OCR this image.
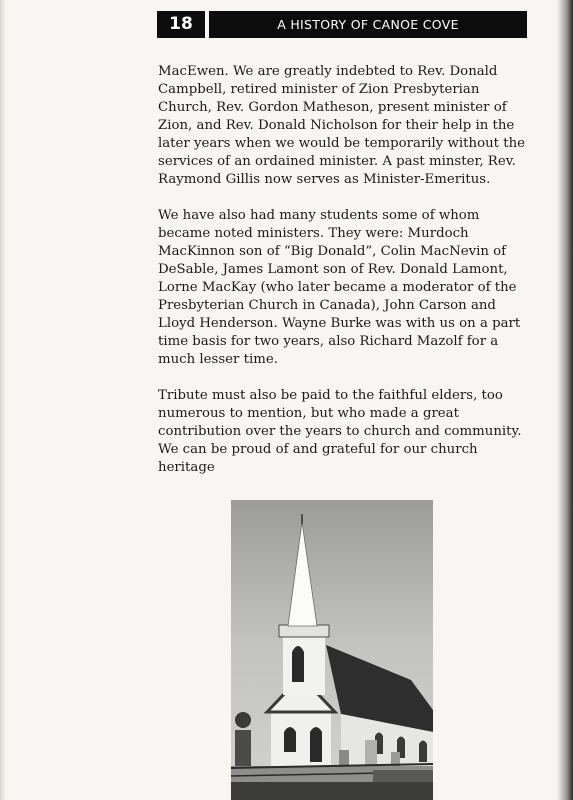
18	A HISTORY OF CANOE COVE

MacEwen. We are greatly indebted to Rev. Donald Campbell, retired minister of Zion Presbyterian Church, Rev. Gordon Matheson, present minister of Zion, and Rev. Donald Nicholson for their help in the later years when we would be temporarily without the services of an ordained minister. A past minster, Rev. Raymond Gillis now serves as Minister-Emeritus.

We have also had many students some of whom became noted ministers. They were: Murdoch MacKinnon son of “Big Donald”, Colin MacNevin of DeSable, James Lamont son of Rev. Donald Lamont, Lorne MacKay (who later became a moderator of the Presbyterian Church in Canada), John Carson and Lloyd Henderson. Wayne Burke was with us on a part time basis for two years, also Richard Mazolf for a much lesser time.

Tribute must also be paid to the faithful elders, too numerous to mention, but who made a great contribution over the years to church and community. We can be proud of and grateful for our church heritage
